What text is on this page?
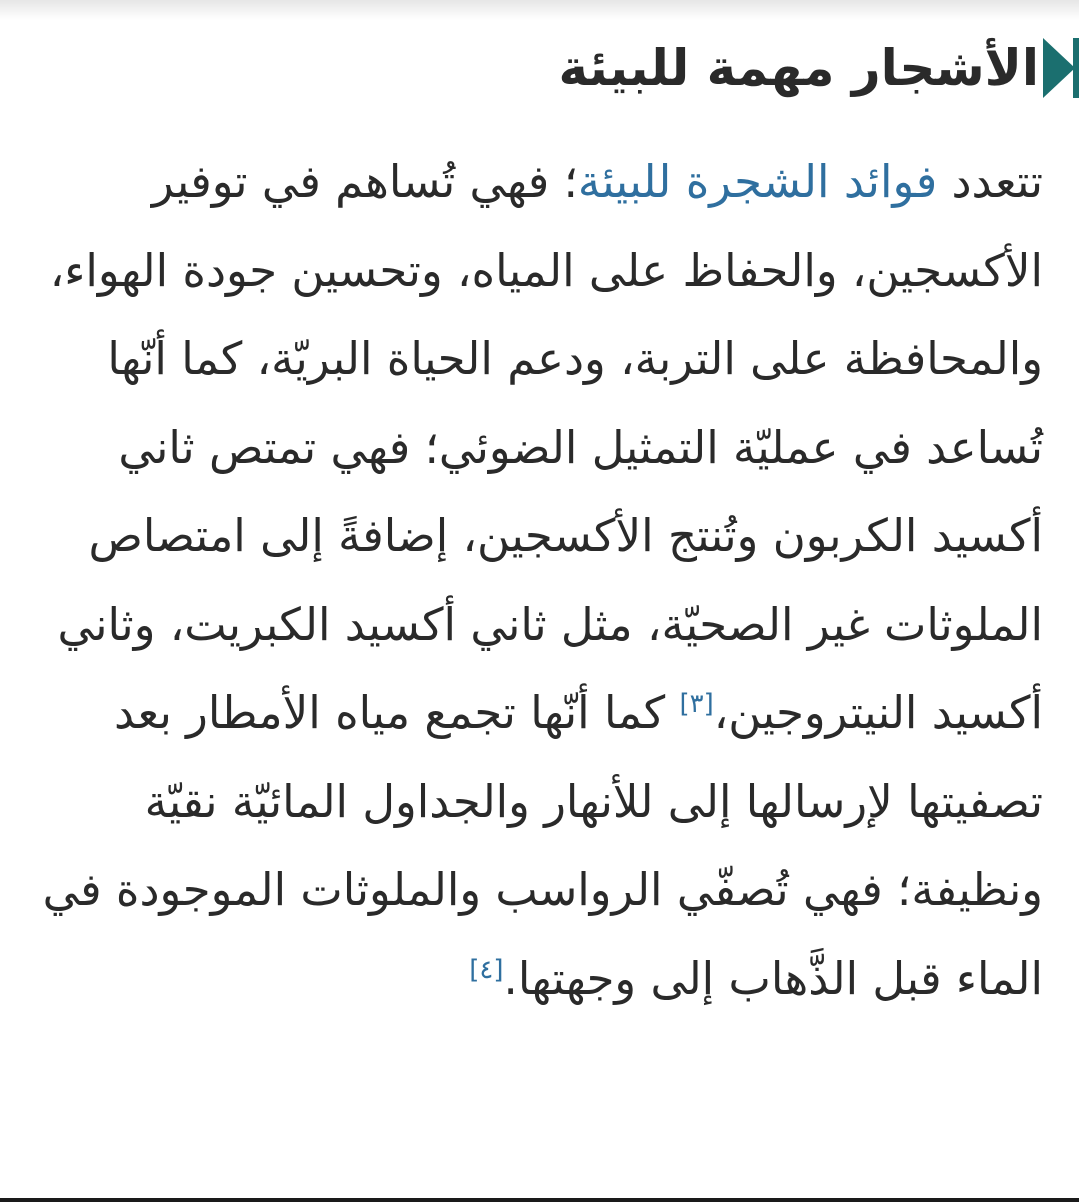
الأشجار مهمة للبيئة

تتعدد فوائد الشجرة للبيئة؛ فهي تُساهم في توفير الأكسجين، والحفاظ على المياه، وتحسين جودة الهواء، والمحافظة على التربة، ودعم الحياة البريّة، كما أنّها تُساعد في عمليّة التمثيل الضوئي؛ فهي تمتص ثاني أكسيد الكربون وتُنتج الأكسجين، إضافةً إلى امتصاص الملوثات غير الصحيّة، مثل ثاني أكسيد الكبريت، وثاني أكسيد النيتروجين،[٣] كما أنّها تجمع مياه الأمطار بعد تصفيتها لإرسالها إلى للأنهار والجداول المائيّة نقيّة ونظيفة؛ فهي تُصفّي الرواسب والملوثات الموجودة في الماء قبل الذَّهاب إلى وجهتها.[٤]
